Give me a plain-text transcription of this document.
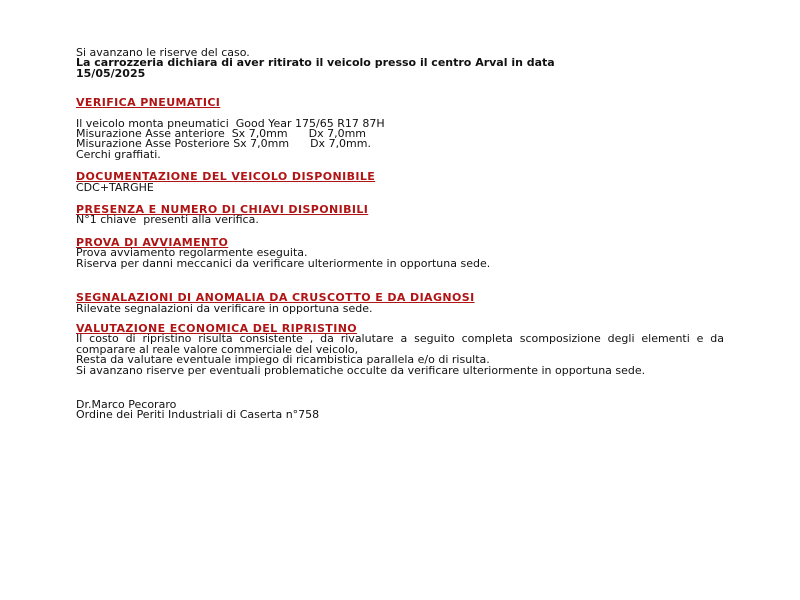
Si avanzano le riserve del caso.

La carrozzeria dichiara di aver ritirato il veicolo presso il centro Arval in data
15/05/2025

VERIFICA PNEUMATICI

Il veicolo monta pneumatici  Good Year 175/65 R17 87H

Misurazione Asse anteriore  Sx 7,0mm      Dx 7,0mm

Misurazione Asse Posteriore Sx 7,0mm      Dx 7,0mm.

Cerchi graffiati.

DOCUMENTAZIONE DEL VEICOLO DISPONIBILE

CDC+TARGHE

PRESENZA E NUMERO DI CHIAVI DISPONIBILI

N°1 chiave  presenti alla verifica.

PROVA DI AVVIAMENTO

Prova avviamento regolarmente eseguita.

Riserva per danni meccanici da verificare ulteriormente in opportuna sede.

SEGNALAZIONI DI ANOMALIA DA CRUSCOTTO E DA DIAGNOSI

Rilevate segnalazioni da verificare in opportuna sede.

VALUTAZIONE ECONOMICA DEL RIPRISTINO

Il costo di ripristino risulta consistente , da rivalutare a seguito completa scomposizione degli elementi e da comparare al reale valore commerciale del veicolo,

Resta da valutare eventuale impiego di ricambistica parallela e/o di risulta.

Si avanzano riserve per eventuali problematiche occulte da verificare ulteriormente in opportuna sede.

Dr.Marco Pecoraro

Ordine dei Periti Industriali di Caserta n°758
